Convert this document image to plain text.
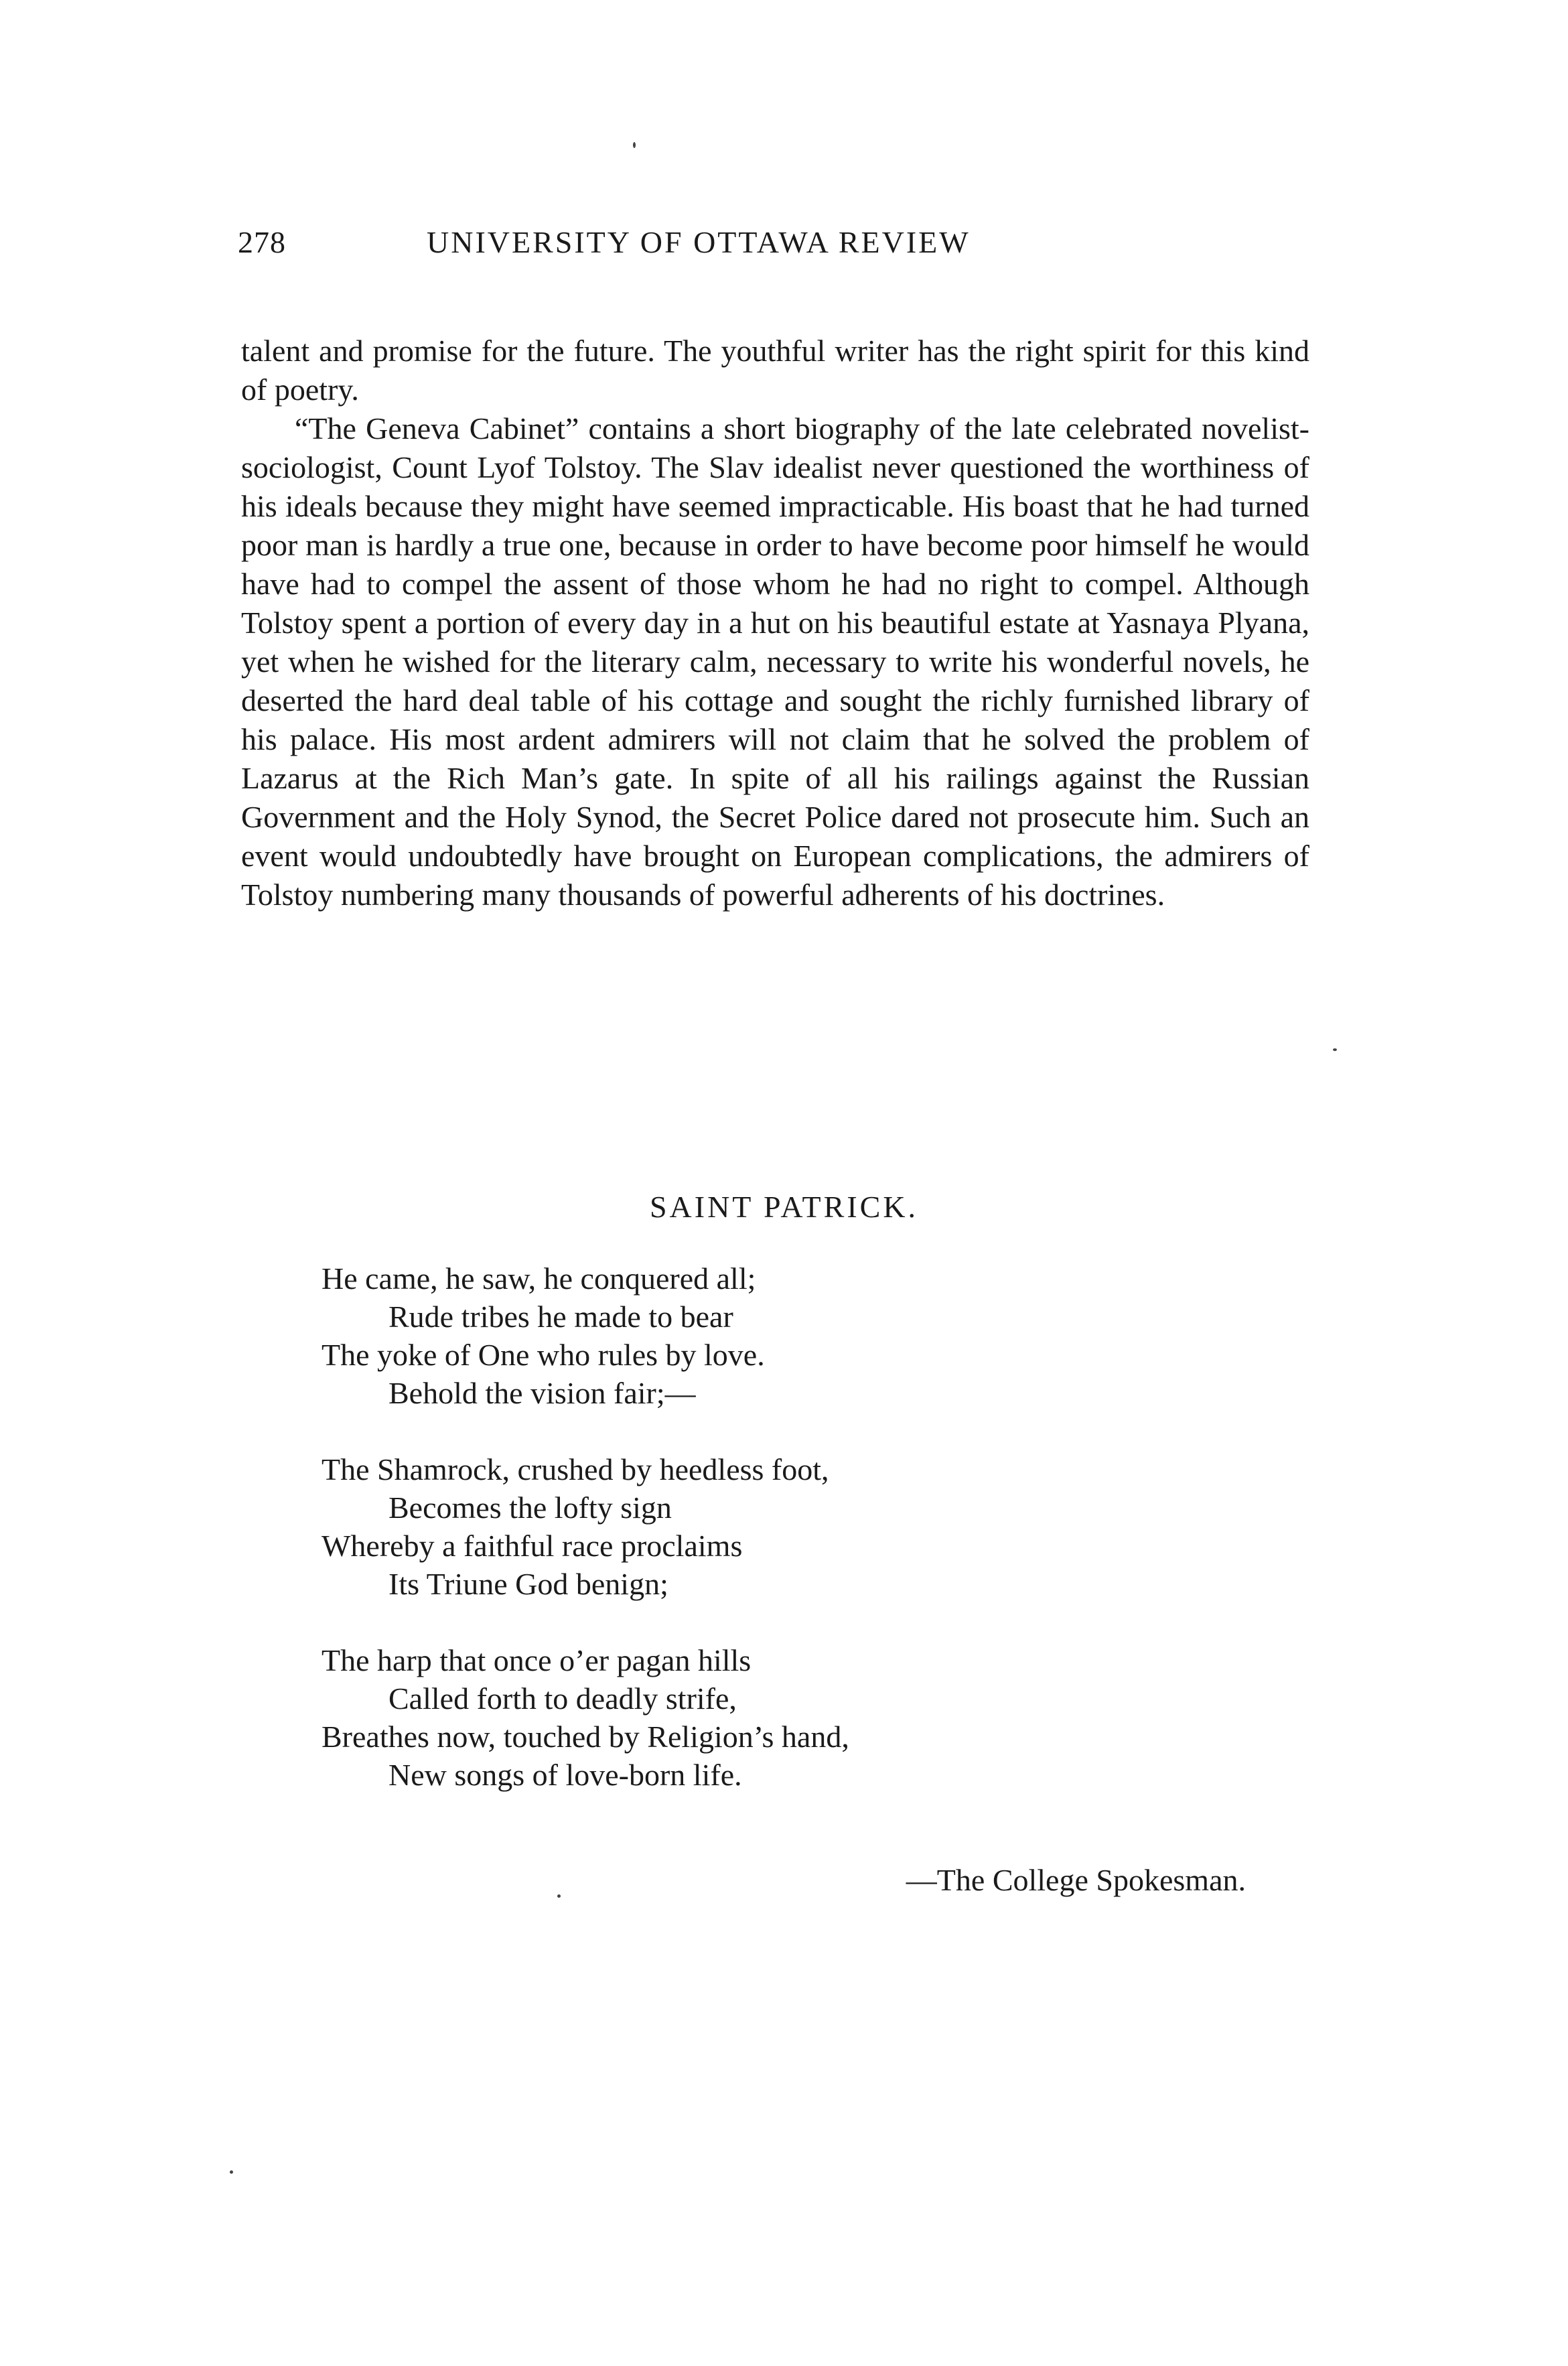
278	UNIVERSITY OF OTTAWA REVIEW

talent and promise for the future. The youthful writer has the right spirit for this kind of poetry.

“The Geneva Cabinet” contains a short biography of the late celebrated novelist-sociologist, Count Lyof Tolstoy. The Slav idealist never questioned the worthiness of his ideals because they might have seemed impracticable. His boast that he had turned poor man is hardly a true one, because in order to have become poor himself he would have had to compel the assent of those whom he had no right to compel. Although Tolstoy spent a portion of every day in a hut on his beautiful estate at Yasnaya Plyana, yet when he wished for the literary calm, necessary to write his wonderful novels, he deserted the hard deal table of his cottage and sought the richly furnished library of his palace. His most ardent admirers will not claim that he solved the problem of Lazarus at the Rich Man’s gate. In spite of all his railings against the Russian Government and the Holy Synod, the Secret Police dared not prosecute him. Such an event would undoubtedly have brought on European complications, the admirers of Tolstoy numbering many thousands of powerful adherents of his doctrines.

SAINT PATRICK.
He came, he saw, he conquered all;
Rude tribes he made to bear
The yoke of One who rules by love.
Behold the vision fair;—
The Shamrock, crushed by heedless foot,
Becomes the lofty sign
Whereby a faithful race proclaims
Its Triune God benign;
The harp that once o’er pagan hills
Called forth to deadly strife,
Breathes now, touched by Religion’s hand,
New songs of love-born life.
—The College Spokesman.
